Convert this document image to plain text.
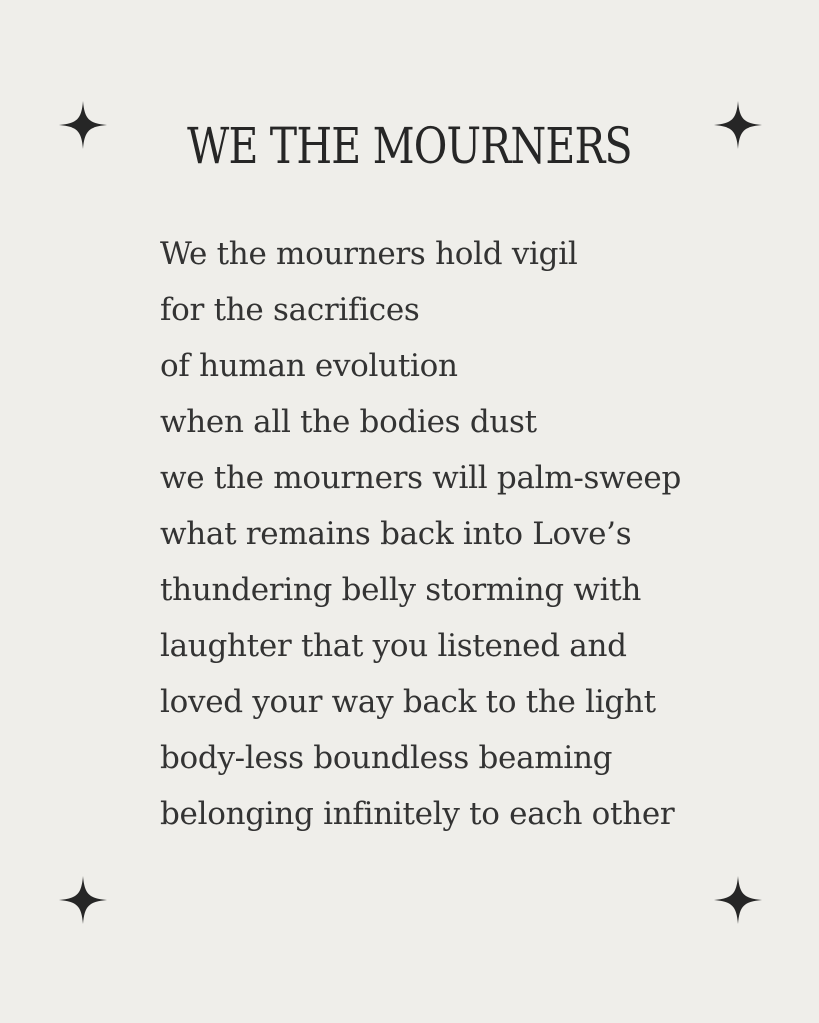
WE THE MOURNERS
We the mourners hold vigil
for the sacrifices
of human evolution
when all the bodies dust
we the mourners will palm-sweep
what remains back into Love’s
thundering belly storming with
laughter that you listened and
loved your way back to the light
body-less boundless beaming
belonging infinitely to each other
